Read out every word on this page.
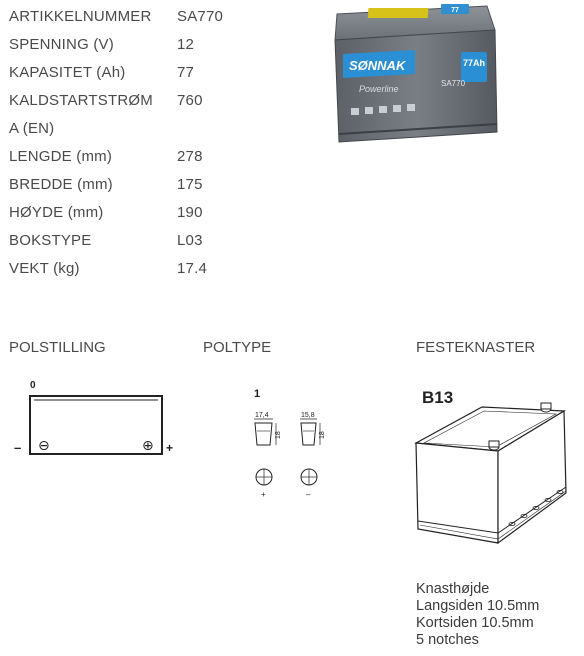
ARTIKKELNUMMER SA770
SPENNING (V)	12
KAPASITET (Ah)	77
KALDSTARTSTRØM 760
A (EN)
LENGDE (mm)	278
BREDDE (mm)	175
HØYDE (mm)	190
BOKSTYPE	L03
VEKT (kg)	17.4
77
SØNNAK	77Ah
Powerline
SA770
POLSTILLING	POLTYPE	FESTEKNASTER
0
– ⊖	⊕ +
1
17,4
18
+
15,8
18
–
B13
Knasthøjde
Langsiden 10.5mm
Kortsiden 10.5mm
5 notches
